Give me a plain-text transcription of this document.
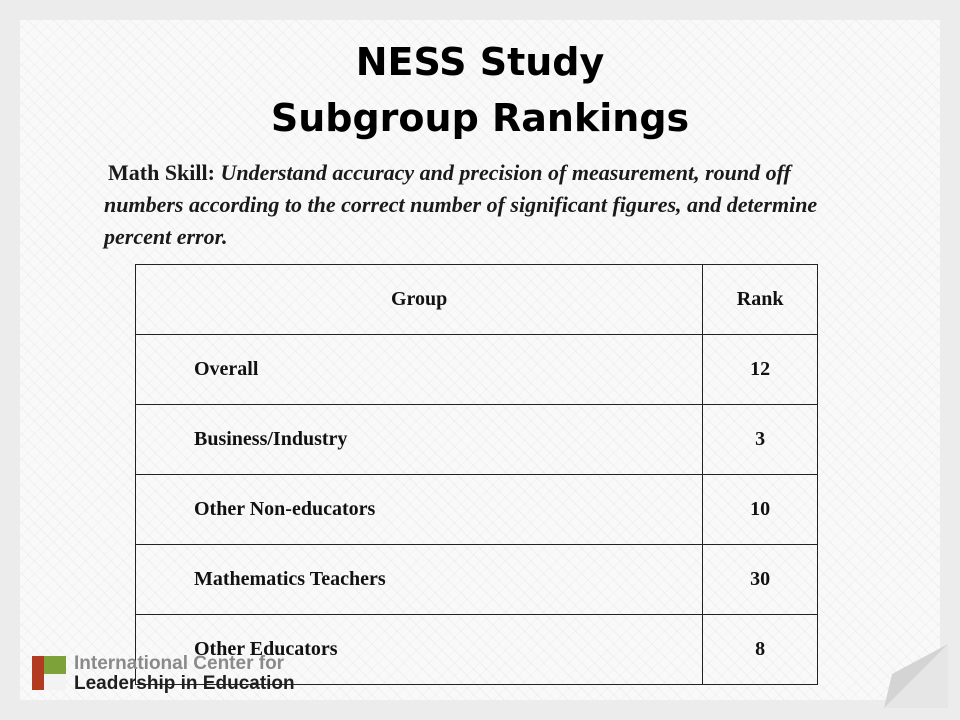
NESS Study
Subgroup Rankings
Math Skill: Understand accuracy and precision of measurement, round off numbers according to the correct number of significant figures, and determine percent error.
Group	Rank
Overall	12
Business/Industry	3
Other Non-educators	10
Mathematics Teachers	30
Other Educators	8
International Center for
Leadership in Education
